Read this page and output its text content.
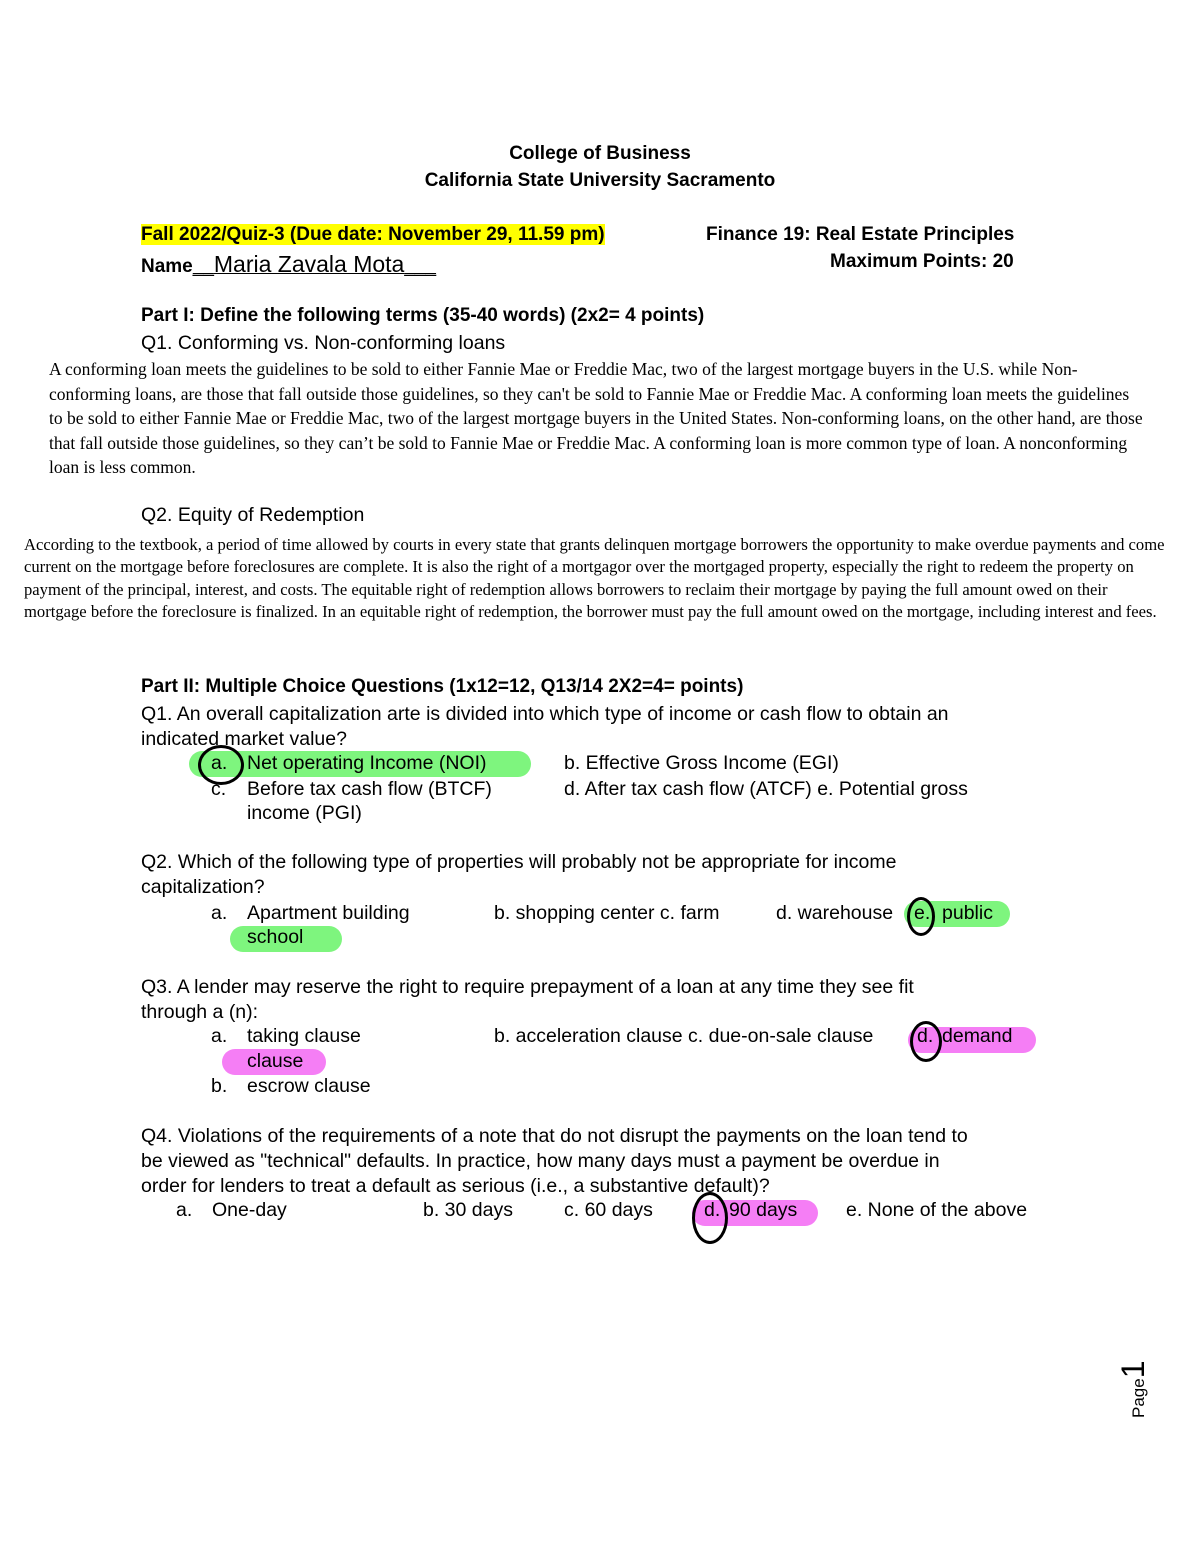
College of Business
California State University Sacramento
Fall 2022/Quiz-3 (Due date: November 29, 11.59 pm)	Finance 19: Real Estate Principles
Name__Maria Zavala Mota___	Maximum Points: 20
Part I: Define the following terms (35-40 words) (2x2= 4 points)
Q1. Conforming vs. Non-conforming loans
A conforming loan meets the guidelines to be sold to either Fannie Mae or Freddie Mac, two of the largest mortgage buyers in the U.S. while Non-conforming loans, are those that fall outside those guidelines, so they can't be sold to Fannie Mae or Freddie Mac. A conforming loan meets the guidelines to be sold to either Fannie Mae or Freddie Mac, two of the largest mortgage buyers in the United States. Non-conforming loans, on the other hand, are those that fall outside those guidelines, so they can’t be sold to Fannie Mae or Freddie Mac. A conforming loan is more common type of loan. A nonconforming loan is less common.
Q2. Equity of Redemption
According to the textbook, a period of time allowed by courts in every state that grants delinquen mortgage borrowers the opportunity to make overdue payments and come current on the mortgage before foreclosures are complete. It is also the right of a mortgagor over the mortgaged property, especially the right to redeem the property on payment of the principal, interest, and costs. The equitable right of redemption allows borrowers to reclaim their mortgage by paying the full amount owed on their mortgage before the foreclosure is finalized. In an equitable right of redemption, the borrower must pay the full amount owed on the mortgage, including interest and fees.
Part II: Multiple Choice Questions (1x12=12, Q13/14 2X2=4= points)
Q1. An overall capitalization arte is divided into which type of income or cash flow to obtain an
indicated market value?
a. Net operating Income (NOI)	b. Effective Gross Income (EGI)
c. Before tax cash flow (BTCF)	d. After tax cash flow (ATCF) e. Potential gross
income (PGI)
Q2. Which of the following type of properties will probably not be appropriate for income
capitalization?
a. Apartment building	b. shopping center c. farm	d. warehouse e. public
school
Q3. A lender may reserve the right to require prepayment of a loan at any time they see fit
through a (n):
a. taking clause	b. acceleration clause c. due-on-sale clause d. demand
clause
b. escrow clause
Q4. Violations of the requirements of a note that do not disrupt the payments on the loan tend to
be viewed as "technical" defaults. In practice, how many days must a payment be overdue in
order for lenders to treat a default as serious (i.e., a substantive default)?
a. One-day	b. 30 days	c. 60 days	d. 90 days e. None of the above
Page1
